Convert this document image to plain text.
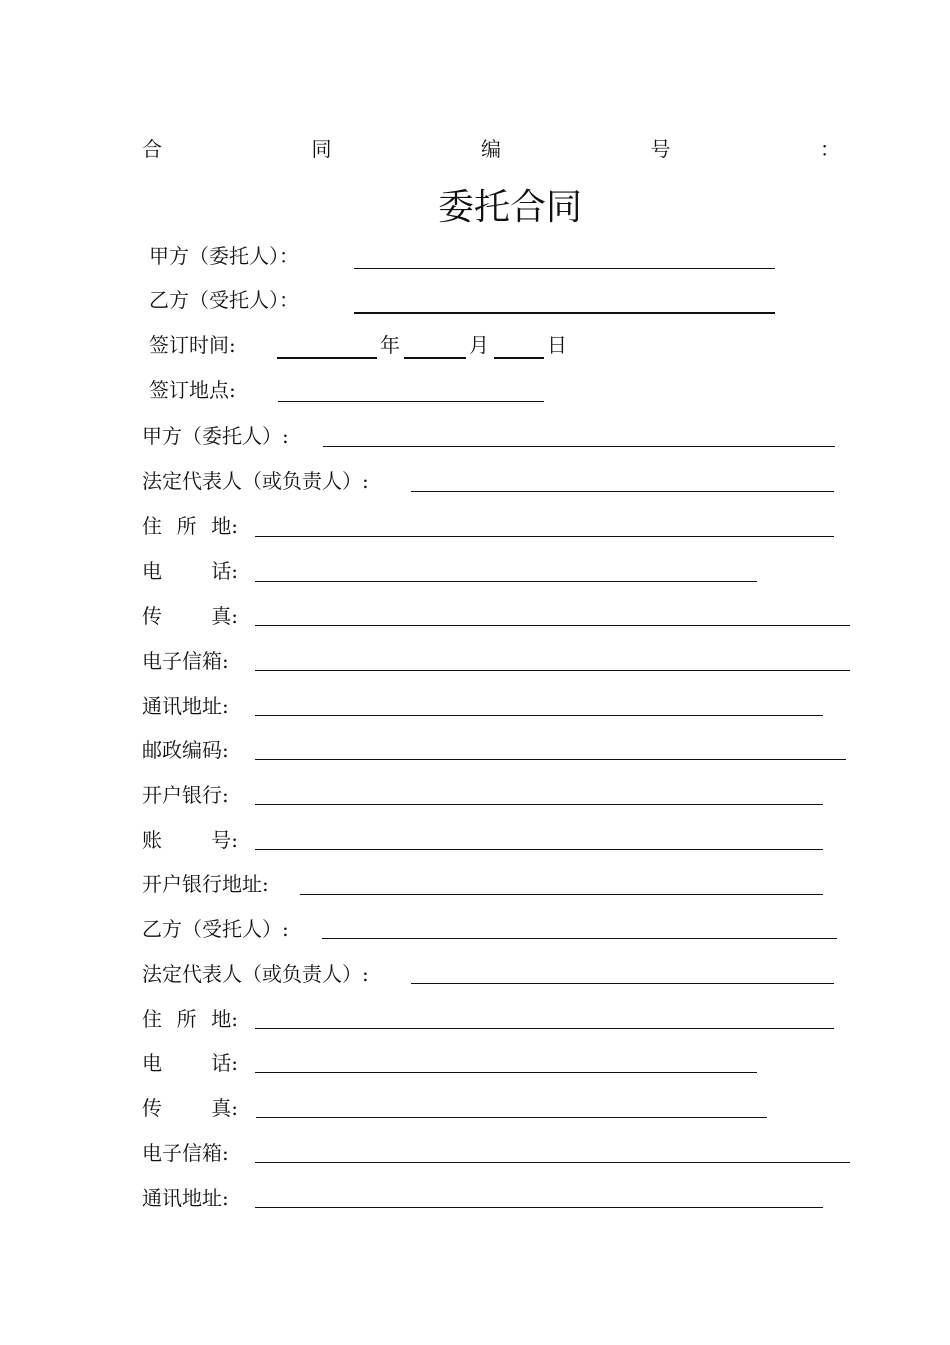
合	同	编	号	：
委托合同
甲方（委托人）：
乙方（受托人）：
签订时间:	年	月	日
签订地点:
甲方（委托人）:
法定代表人（或负责人）:
住 所 地:
电 话:
传 真:
电子信箱:
通讯地址:
邮政编码:
开户银行:
账 号:
开户银行地址:
乙方（受托人）:
法定代表人（或负责人）:
住 所 地:
电 话:
传 真:
电子信箱:
通讯地址:
